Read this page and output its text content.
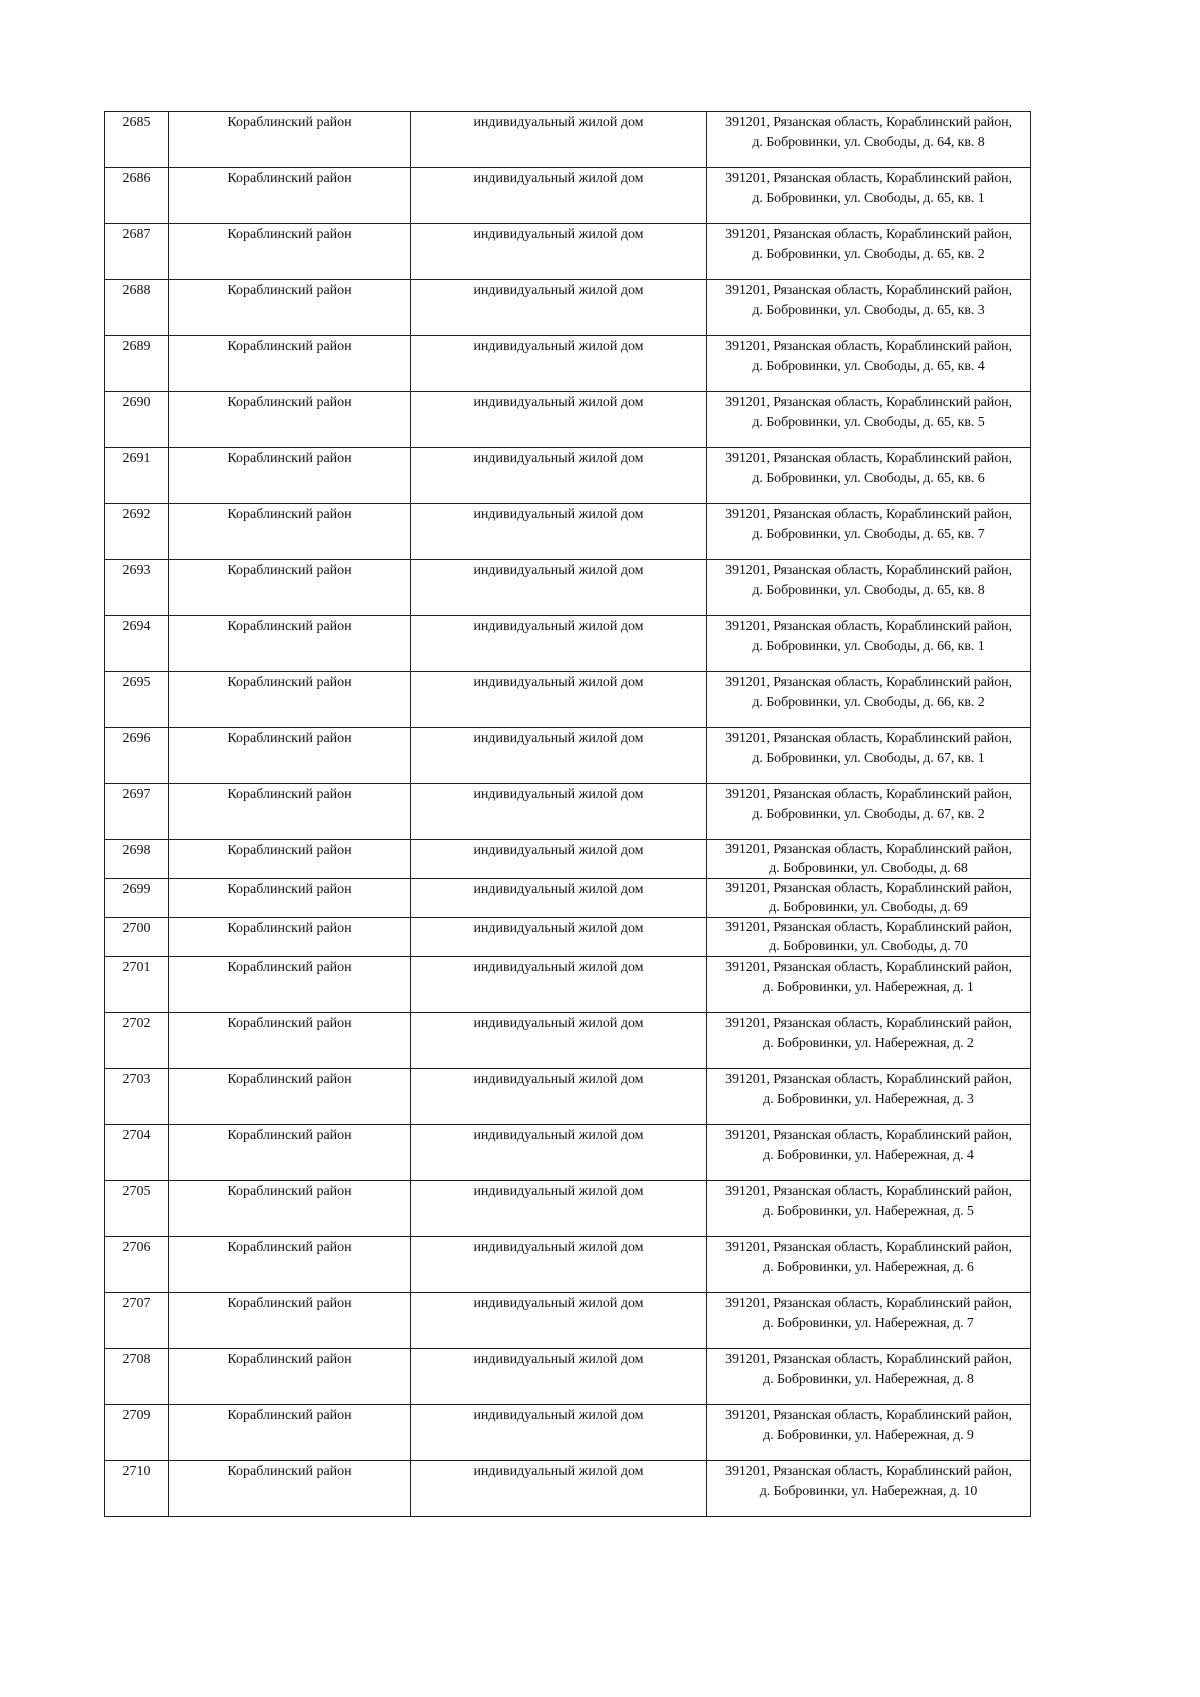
2685	Кораблинский район	индивидуальный жилой дом	391201, Рязанская область, Кораблинский район,
д. Бобровинки, ул. Свободы, д. 64, кв. 8

2686	Кораблинский район	индивидуальный жилой дом	391201, Рязанская область, Кораблинский район,
д. Бобровинки, ул. Свободы, д. 65, кв. 1

2687	Кораблинский район	индивидуальный жилой дом	391201, Рязанская область, Кораблинский район,
д. Бобровинки, ул. Свободы, д. 65, кв. 2

2688	Кораблинский район	индивидуальный жилой дом	391201, Рязанская область, Кораблинский район,
д. Бобровинки, ул. Свободы, д. 65, кв. 3

2689	Кораблинский район	индивидуальный жилой дом	391201, Рязанская область, Кораблинский район,
д. Бобровинки, ул. Свободы, д. 65, кв. 4

2690	Кораблинский район	индивидуальный жилой дом	391201, Рязанская область, Кораблинский район,
д. Бобровинки, ул. Свободы, д. 65, кв. 5

2691	Кораблинский район	индивидуальный жилой дом	391201, Рязанская область, Кораблинский район,
д. Бобровинки, ул. Свободы, д. 65, кв. 6

2692	Кораблинский район	индивидуальный жилой дом	391201, Рязанская область, Кораблинский район,
д. Бобровинки, ул. Свободы, д. 65, кв. 7

2693	Кораблинский район	индивидуальный жилой дом	391201, Рязанская область, Кораблинский район,
д. Бобровинки, ул. Свободы, д. 65, кв. 8

2694	Кораблинский район	индивидуальный жилой дом	391201, Рязанская область, Кораблинский район,
д. Бобровинки, ул. Свободы, д. 66, кв. 1

2695	Кораблинский район	индивидуальный жилой дом	391201, Рязанская область, Кораблинский район,
д. Бобровинки, ул. Свободы, д. 66, кв. 2

2696	Кораблинский район	индивидуальный жилой дом	391201, Рязанская область, Кораблинский район,
д. Бобровинки, ул. Свободы, д. 67, кв. 1

2697	Кораблинский район	индивидуальный жилой дом	391201, Рязанская область, Кораблинский район,
д. Бобровинки, ул. Свободы, д. 67, кв. 2

2698	Кораблинский район	индивидуальный жилой дом	391201, Рязанская область, Кораблинский район,
д. Бобровинки, ул. Свободы, д. 68

2699	Кораблинский район	индивидуальный жилой дом	391201, Рязанская область, Кораблинский район,
д. Бобровинки, ул. Свободы, д. 69

2700	Кораблинский район	индивидуальный жилой дом	391201, Рязанская область, Кораблинский район,
д. Бобровинки, ул. Свободы, д. 70

2701	Кораблинский район	индивидуальный жилой дом	391201, Рязанская область, Кораблинский район,
д. Бобровинки, ул. Набережная, д. 1

2702	Кораблинский район	индивидуальный жилой дом	391201, Рязанская область, Кораблинский район,
д. Бобровинки, ул. Набережная, д. 2

2703	Кораблинский район	индивидуальный жилой дом	391201, Рязанская область, Кораблинский район,
д. Бобровинки, ул. Набережная, д. 3

2704	Кораблинский район	индивидуальный жилой дом	391201, Рязанская область, Кораблинский район,
д. Бобровинки, ул. Набережная, д. 4

2705	Кораблинский район	индивидуальный жилой дом	391201, Рязанская область, Кораблинский район,
д. Бобровинки, ул. Набережная, д. 5

2706	Кораблинский район	индивидуальный жилой дом	391201, Рязанская область, Кораблинский район,
д. Бобровинки, ул. Набережная, д. 6

2707	Кораблинский район	индивидуальный жилой дом	391201, Рязанская область, Кораблинский район,
д. Бобровинки, ул. Набережная, д. 7

2708	Кораблинский район	индивидуальный жилой дом	391201, Рязанская область, Кораблинский район,
д. Бобровинки, ул. Набережная, д. 8

2709	Кораблинский район	индивидуальный жилой дом	391201, Рязанская область, Кораблинский район,
д. Бобровинки, ул. Набережная, д. 9

2710	Кораблинский район	индивидуальный жилой дом	391201, Рязанская область, Кораблинский район,
д. Бобровинки, ул. Набережная, д. 10
